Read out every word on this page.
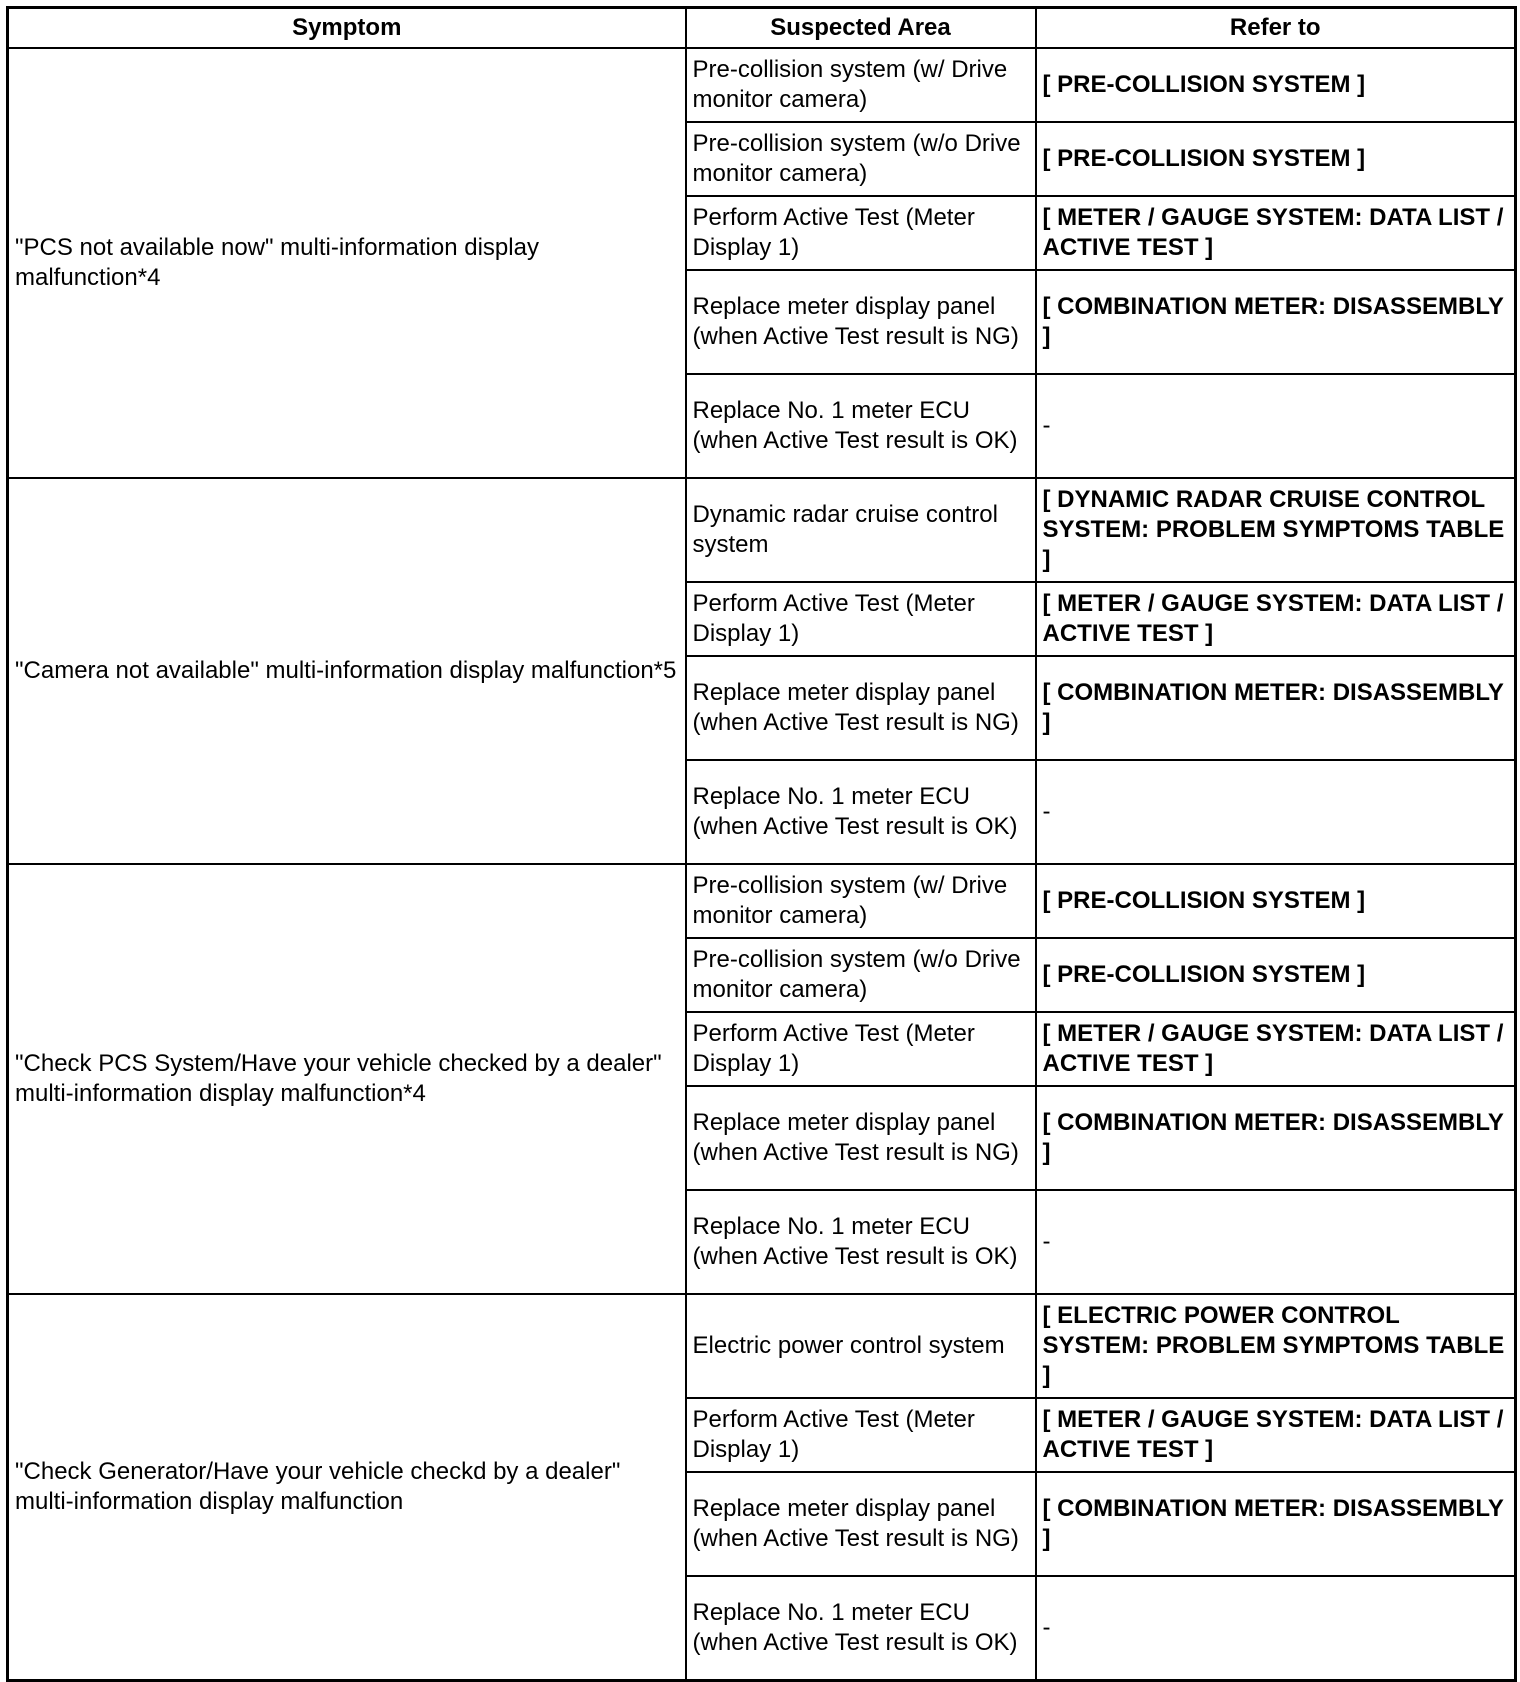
Symptom	Suspected Area	Refer to
"PCS not available now" multi-information display malfunction*4	Pre-collision system (w/ Drive monitor camera)	[ PRE-COLLISION SYSTEM ]
	Pre-collision system (w/o Drive monitor camera)	[ PRE-COLLISION SYSTEM ]
	Perform Active Test (Meter Display 1)	[ METER / GAUGE SYSTEM: DATA LIST / ACTIVE TEST ]
	Replace meter display panel (when Active Test result is NG)	[ COMBINATION METER: DISASSEMBLY ]
	Replace No. 1 meter ECU (when Active Test result is OK)	-
"Camera not available" multi-information display malfunction*5	Dynamic radar cruise control system	[ DYNAMIC RADAR CRUISE CONTROL SYSTEM: PROBLEM SYMPTOMS TABLE ]
	Perform Active Test (Meter Display 1)	[ METER / GAUGE SYSTEM: DATA LIST / ACTIVE TEST ]
	Replace meter display panel (when Active Test result is NG)	[ COMBINATION METER: DISASSEMBLY ]
	Replace No. 1 meter ECU (when Active Test result is OK)	-
"Check PCS System/Have your vehicle checked by a dealer" multi-information display malfunction*4	Pre-collision system (w/ Drive monitor camera)	[ PRE-COLLISION SYSTEM ]
	Pre-collision system (w/o Drive monitor camera)	[ PRE-COLLISION SYSTEM ]
	Perform Active Test (Meter Display 1)	[ METER / GAUGE SYSTEM: DATA LIST / ACTIVE TEST ]
	Replace meter display panel (when Active Test result is NG)	[ COMBINATION METER: DISASSEMBLY ]
	Replace No. 1 meter ECU (when Active Test result is OK)	-
"Check Generator/Have your vehicle checkd by a dealer" multi-information display malfunction	Electric power control system	[ ELECTRIC POWER CONTROL SYSTEM: PROBLEM SYMPTOMS TABLE ]
	Perform Active Test (Meter Display 1)	[ METER / GAUGE SYSTEM: DATA LIST / ACTIVE TEST ]
	Replace meter display panel (when Active Test result is NG)	[ COMBINATION METER: DISASSEMBLY ]
	Replace No. 1 meter ECU (when Active Test result is OK)	-
